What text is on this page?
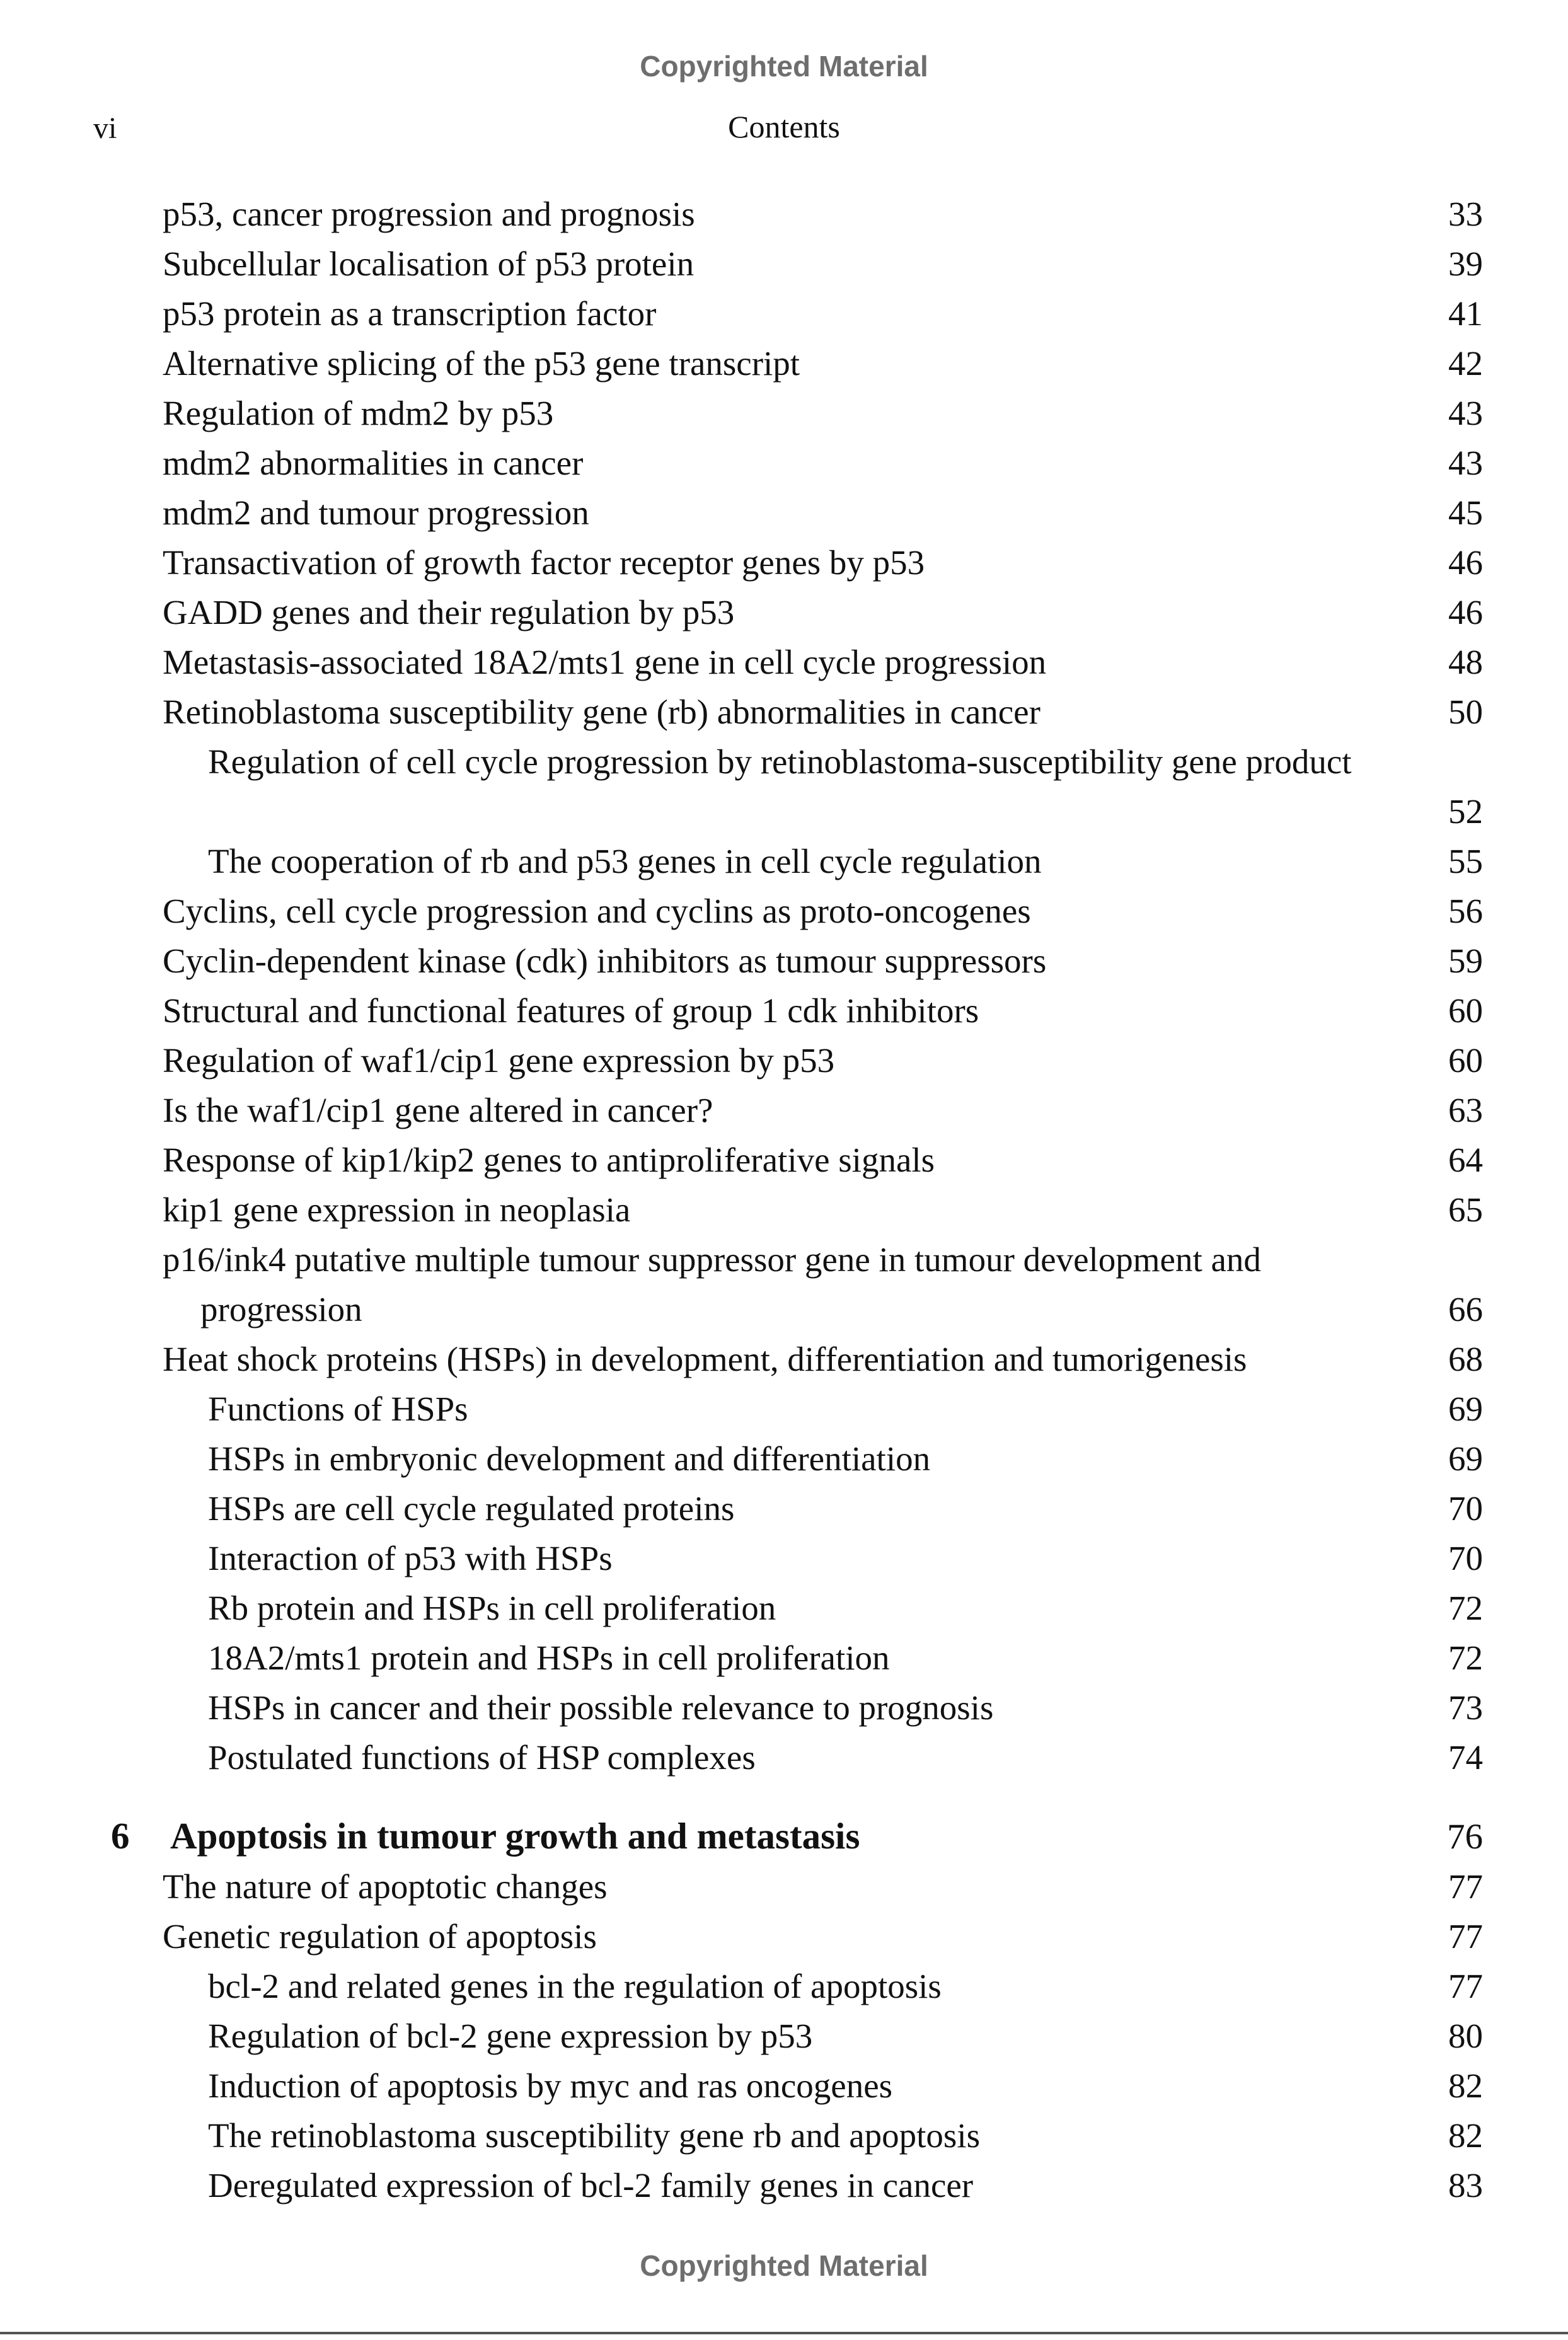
Copyrighted Material
vi	Contents
p53, cancer progression and prognosis	33
Subcellular localisation of p53 protein	39
p53 protein as a transcription factor	41
Alternative splicing of the p53 gene transcript	42
Regulation of mdm2 by p53	43
mdm2 abnormalities in cancer	43
mdm2 and tumour progression	45
Transactivation of growth factor receptor genes by p53	46
GADD genes and their regulation by p53	46
Metastasis-associated 18A2/mts1 gene in cell cycle progression	48
Retinoblastoma susceptibility gene (rb) abnormalities in cancer	50
Regulation of cell cycle progression by retinoblastoma-susceptibility gene product
52
The cooperation of rb and p53 genes in cell cycle regulation	55
Cyclins, cell cycle progression and cyclins as proto-oncogenes	56
Cyclin-dependent kinase (cdk) inhibitors as tumour suppressors	59
Structural and functional features of group 1 cdk inhibitors	60
Regulation of waf1/cip1 gene expression by p53	60
Is the waf1/cip1 gene altered in cancer?	63
Response of kip1/kip2 genes to antiproliferative signals	64
kip1 gene expression in neoplasia	65
p16/ink4 putative multiple tumour suppressor gene in tumour development and progression	66
Heat shock proteins (HSPs) in development, differentiation and tumorigenesis	68
Functions of HSPs	69
HSPs in embryonic development and differentiation	69
HSPs are cell cycle regulated proteins	70
Interaction of p53 with HSPs	70
Rb protein and HSPs in cell proliferation	72
18A2/mts1 protein and HSPs in cell proliferation	72
HSPs in cancer and their possible relevance to prognosis	73
Postulated functions of HSP complexes	74
6 Apoptosis in tumour growth and metastasis	76
The nature of apoptotic changes	77
Genetic regulation of apoptosis	77
bcl-2 and related genes in the regulation of apoptosis	77
Regulation of bcl-2 gene expression by p53	80
Induction of apoptosis by myc and ras oncogenes	82
The retinoblastoma susceptibility gene rb and apoptosis	82
Deregulated expression of bcl-2 family genes in cancer	83
Copyrighted Material
